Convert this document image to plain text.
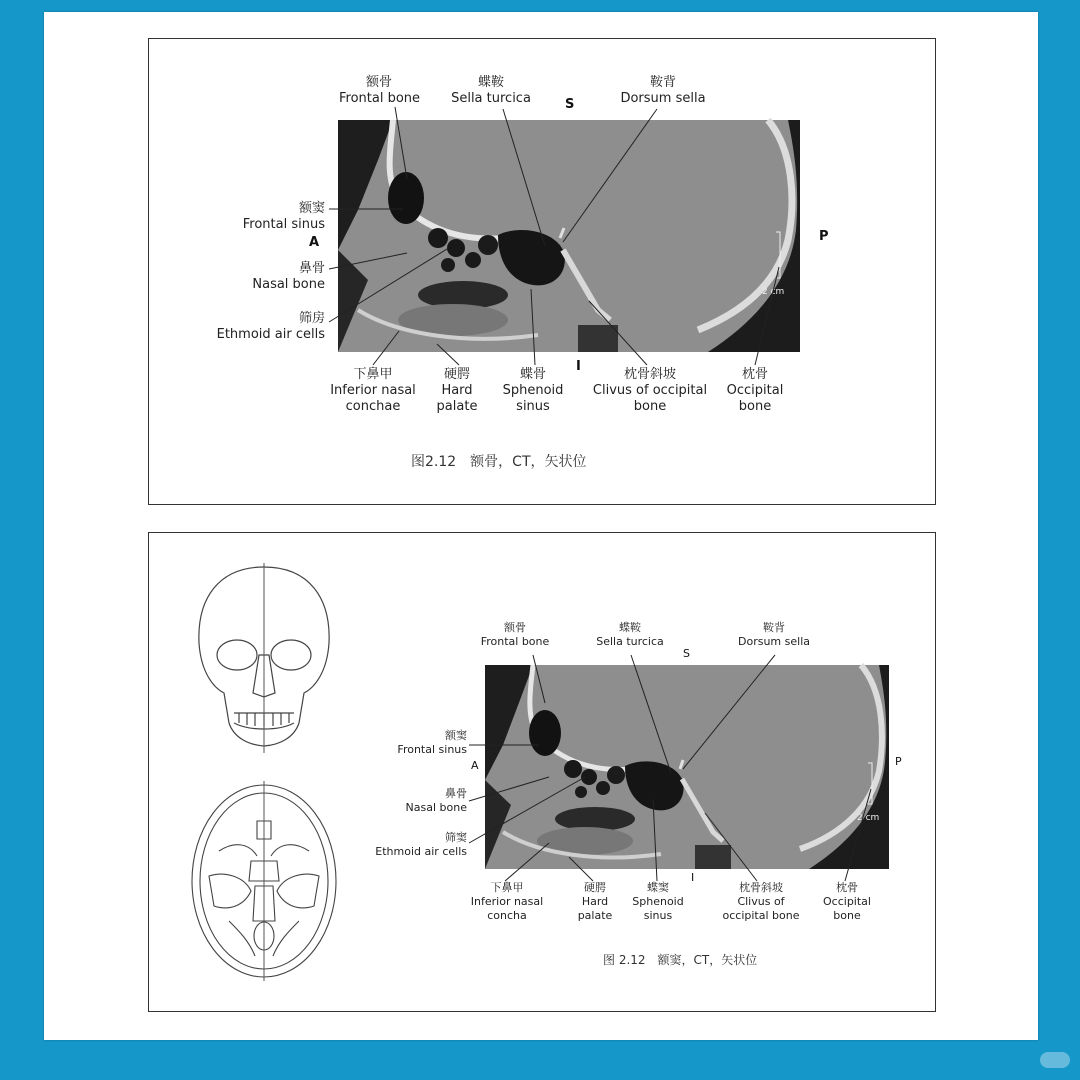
2 cm
S
A	P
I
额骨
Frontal bone
蝶鞍
Sella turcica
鞍背
Dorsum sella
额窦
Frontal sinus
鼻骨
Nasal bone
筛房
Ethmoid air cells
下鼻甲
Inferior nasal
conchae
硬腭
Hard
palate
蝶骨
Sphenoid
sinus
枕骨斜坡
Clivus of occipital
bone
枕骨
Occipital
bone
图2.12　额骨，CT，矢状位
2 cm
S
A	P
I
额骨
Frontal bone
蝶鞍
Sella turcica
鞍背
Dorsum sella
额窦
Frontal sinus
鼻骨
Nasal bone
筛窦
Ethmoid air cells
下鼻甲
Inferior nasal
concha
硬腭
Hard
palate
蝶窦
Sphenoid
sinus
枕骨斜坡
Clivus of
occipital bone
枕骨
Occipital
bone
图 2.12　额窦，CT，矢状位
